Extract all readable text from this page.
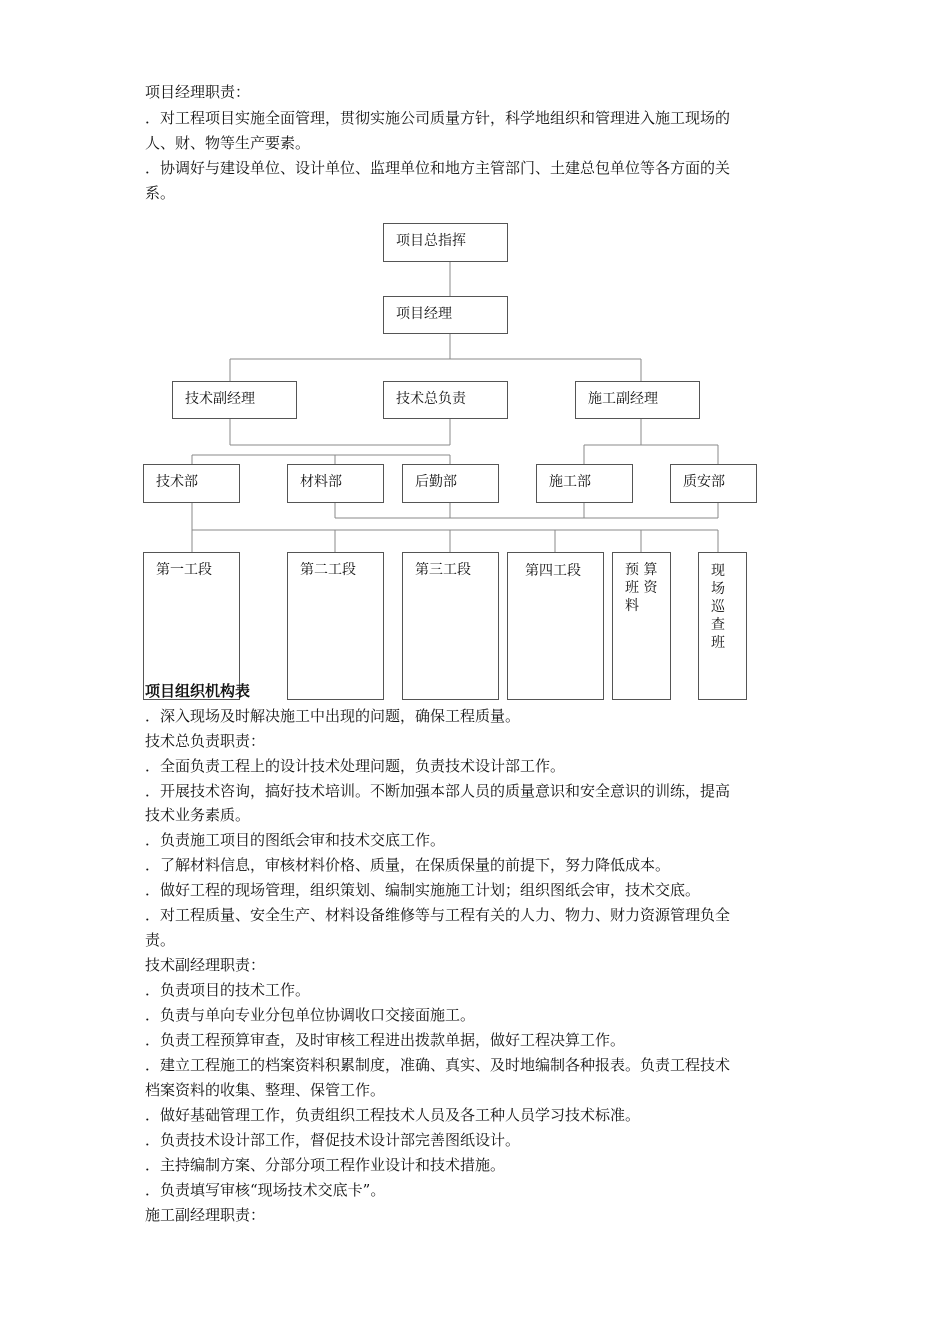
项目经理职责：
．对工程项目实施全面管理，贯彻实施公司质量方针，科学地组织和管理进入施工现场的
人、财、物等生产要素。
．协调好与建设单位、设计单位、监理单位和地方主管部门、土建总包单位等各方面的关
系。
项目总指挥
项目经理
技术副经理	技术总负责	施工副经理
技术部	材料部	后勤部	施工部	质安部
第一工段	第二工段	第三工段	第四工段	预 算
班 资
料
现
场
巡
查
班
项目组织机构表
．深入现场及时解决施工中出现的问题，确保工程质量。
技术总负责职责：
．全面负责工程上的设计技术处理问题，负责技术设计部工作。
．开展技术咨询，搞好技术培训。不断加强本部人员的质量意识和安全意识的训练，提高
技术业务素质。
．负责施工项目的图纸会审和技术交底工作。
．了解材料信息，审核材料价格、质量，在保质保量的前提下，努力降低成本。
．做好工程的现场管理，组织策划、编制实施施工计划；组织图纸会审，技术交底。
．对工程质量、安全生产、材料设备维修等与工程有关的人力、物力、财力资源管理负全
责。
技术副经理职责：
．负责项目的技术工作。
．负责与单向专业分包单位协调收口交接面施工。
．负责工程预算审查，及时审核工程进出拨款单据，做好工程决算工作。
．建立工程施工的档案资料积累制度，准确、真实、及时地编制各种报表。负责工程技术
档案资料的收集、整理、保管工作。
．做好基础管理工作，负责组织工程技术人员及各工种人员学习技术标准。
．负责技术设计部工作，督促技术设计部完善图纸设计。
．主持编制方案、分部分项工程作业设计和技术措施。
．负责填写审核“现场技术交底卡”。
施工副经理职责：
